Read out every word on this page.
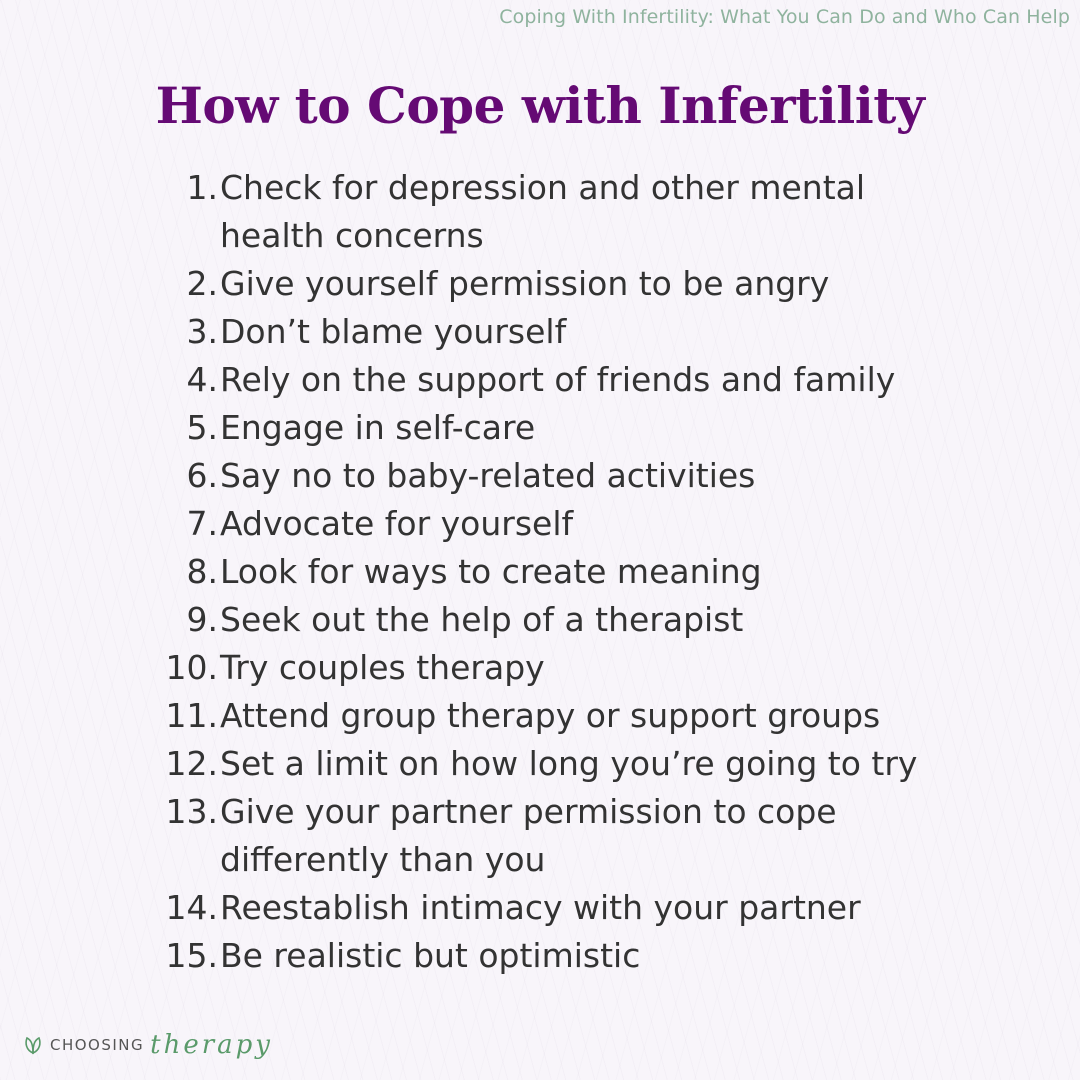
Coping With Infertility: What You Can Do and Who Can Help
How to Cope with Infertility
1. Check for depression and other mental health concerns
2. Give yourself permission to be angry
3. Don’t blame yourself
4. Rely on the support of friends and family
5. Engage in self-care
6. Say no to baby-related activities
7. Advocate for yourself
8. Look for ways to create meaning
9. Seek out the help of a therapist
10. Try couples therapy
11. Attend group therapy or support groups
12. Set a limit on how long you’re going to try
13. Give your partner permission to cope differently than you
14. Reestablish intimacy with your partner
15. Be realistic but optimistic
CHOOSING therapy
